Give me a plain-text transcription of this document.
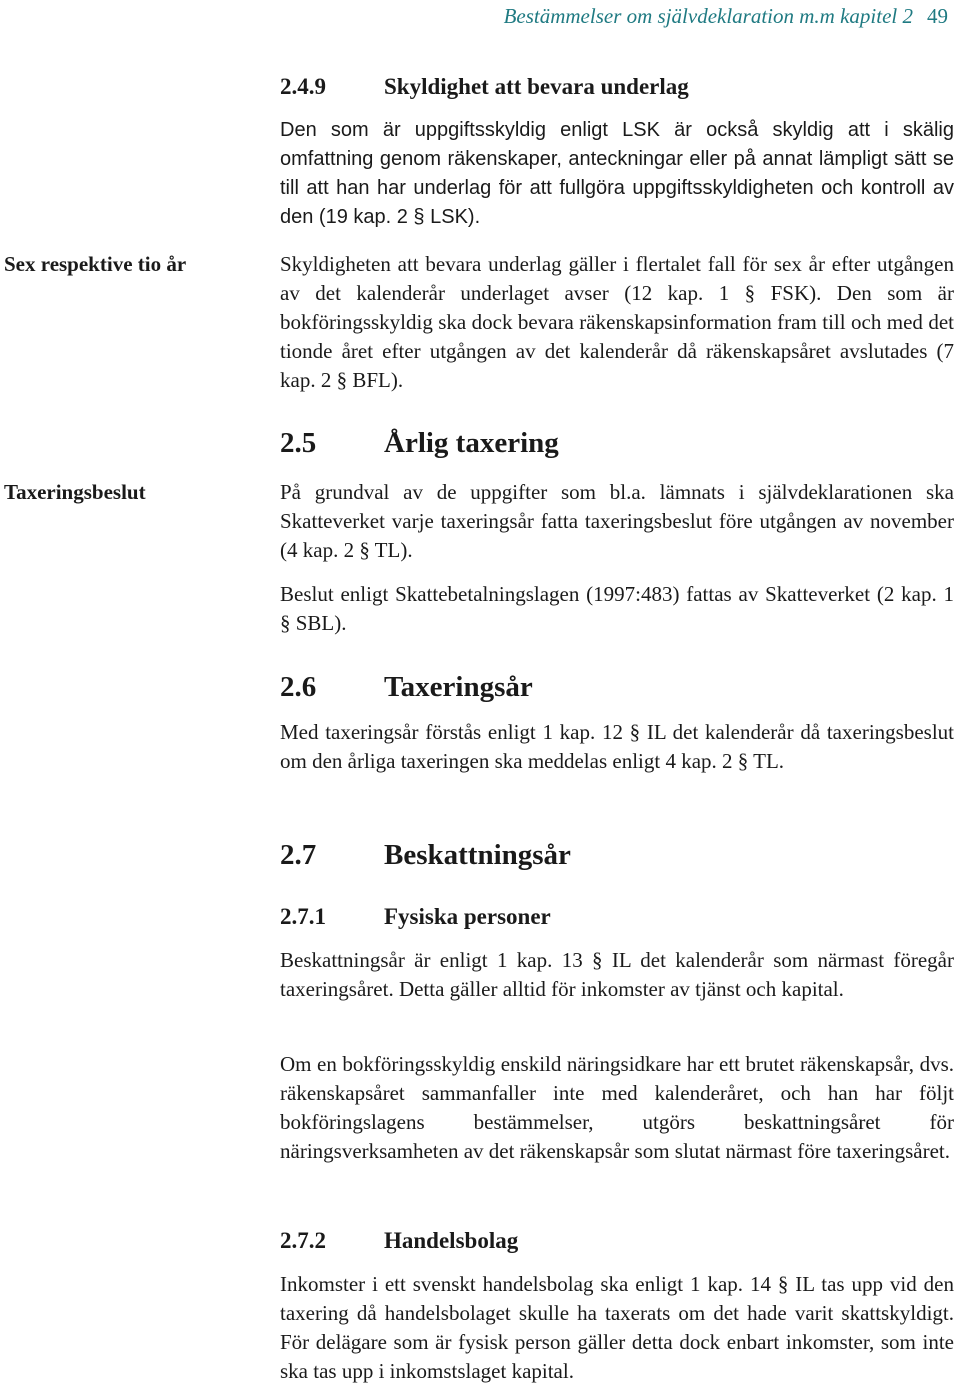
Bestämmelser om självdeklaration m.m kapitel 2 49
Sex respektive tio år
Taxeringsbeslut
2.4.9	Skyldighet att bevara underlag

Den som är uppgiftsskyldig enligt LSK är också skyldig att i skälig omfattning genom räkenskaper, anteckningar eller på annat lämpligt sätt se till att han har underlag för att fullgöra uppgiftsskyldigheten och kontroll av den (19 kap. 2 § LSK).

Skyldigheten att bevara underlag gäller i flertalet fall för sex år efter utgången av det kalenderår underlaget avser (12 kap. 1 § FSK). Den som är bokföringsskyldig ska dock bevara räkenskapsinformation fram till och med det tionde året efter utgången av det kalenderår då räkenskapsåret avslutades (7 kap. 2 § BFL).

2.5 Årlig taxering

På grundval av de uppgifter som bl.a. lämnats i självdeklarationen ska Skatteverket varje taxeringsår fatta taxeringsbeslut före utgången av november (4 kap. 2 § TL).

Beslut enligt Skattebetalningslagen (1997:483) fattas av Skatteverket (2 kap. 1 § SBL).

2.6 Taxeringsår

Med taxeringsår förstås enligt 1 kap. 12 § IL det kalenderår då taxeringsbeslut om den årliga taxeringen ska meddelas enligt 4 kap. 2 § TL.

2.7 Beskattningsår
2.7.1	Fysiska personer

Beskattningsår är enligt 1 kap. 13 § IL det kalenderår som närmast föregår taxeringsåret. Detta gäller alltid för inkomster av tjänst och kapital.

Om en bokföringsskyldig enskild näringsidkare har ett brutet räkenskapsår, dvs. räkenskapsåret sammanfaller inte med kalenderåret, och han har följt bokföringslagens bestämmelser, utgörs beskattningsåret för näringsverksamheten av det räkenskapsår som slutat närmast före taxeringsåret.

2.7.2	Handelsbolag

Inkomster i ett svenskt handelsbolag ska enligt 1 kap. 14 § IL tas upp vid den taxering då handelsbolaget skulle ha taxerats om det hade varit skattskyldigt. För delägare som är fysisk person gäller detta dock enbart inkomster, som inte ska tas upp i inkomstslaget kapital.
